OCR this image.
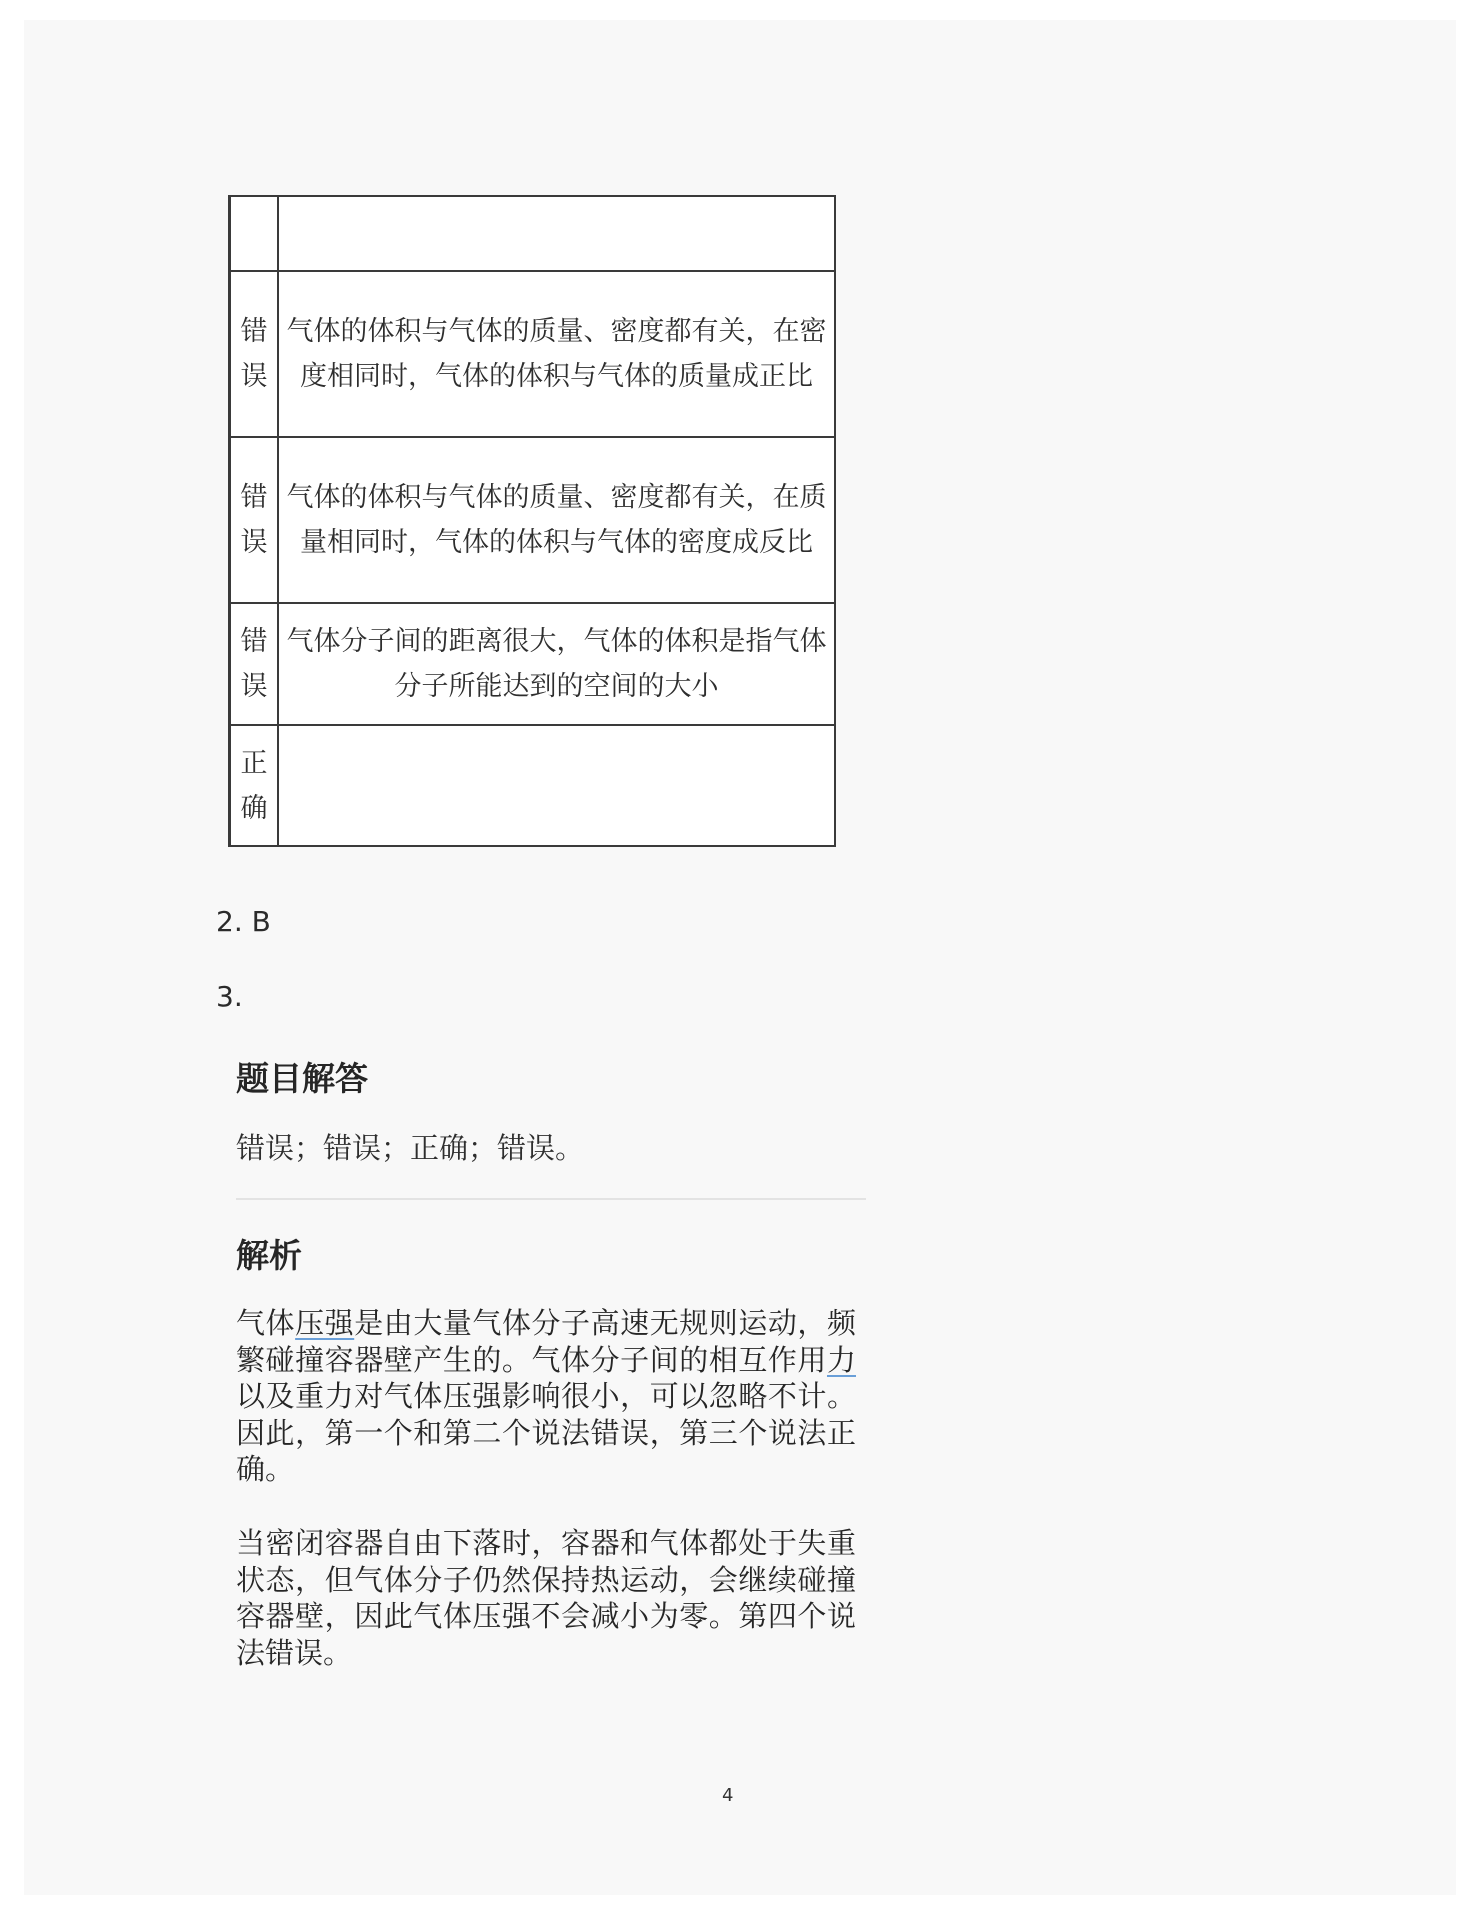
错误	气体的体积与气体的质量、密度都有关，在密度相同时，气体的体积与气体的质量成正比

错误	气体的体积与气体的质量、密度都有关，在质量相同时，气体的体积与气体的密度成反比

错误	气体分子间的距离很大，气体的体积是指气体分子所能达到的空间的大小

正确	

2. B
3.
题目解答
错误；错误；正确；错误。
解析
气体压强是由大量气体分子高速无规则运动，频繁碰撞容器壁产生的。气体分子间的相互作用力以及重力对气体压强影响很小，可以忽略不计。因此，第一个和第二个说法错误，第三个说法正确。
当密闭容器自由下落时，容器和气体都处于失重状态，但气体分子仍然保持热运动，会继续碰撞容器壁，因此气体压强不会减小为零。第四个说法错误。
4
